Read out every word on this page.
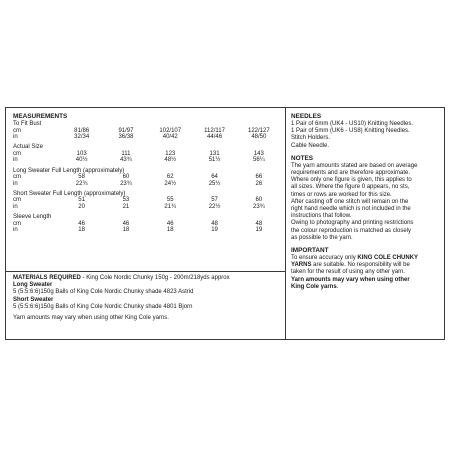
MEASUREMENTS
To Fit Bust					
cm	81/86	91/97	102/107	112/117	122/127
in	32/34	36/38	40/42	44/46	48/50
Actual Size					
cm	103	111	123	131	143
in	40½	43¾	48½	51½	56¼
Long Sweater Full Length (approximately)					
cm	58	60	62	64	66
in	22¾	23¾	24½	25½	26
Short Sweater Full Length (approximately)					
cm	51	53	55	57	60
in	20	21	21¾	22½	23¾
Sleeve Length					
cm	46	46	46	48	48
in	18	18	18	19	19
MATERIALS REQUIRED - King Cole Nordic Chunky 150g - 200m/218yds approx
Long Sweater
5 (5:5:6:6)150g Balls of King Cole Nordic Chunky shade 4823 Astrid
Short Sweater
5 (5:5:6:6)150g Balls of King Cole Nordic Chunky shade 4801 Bjorn
Yarn amounts may vary when using other King Cole yarns.
NEEDLES
1 Pair of 6mm (UK4 - US10) Knitting Needles.
1 Pair of 5mm (UK6 - US8) Knitting Needles.
Stitch Holders.
Cable Needle.
NOTES
The yarn amounts stated are based on average
requirements and are therefore approximate.
Where only one figure is given, this applies to
all sizes. Where the figure 0 appears, no sts,
times or rows are worked for this size.
After casting off one stitch will remain on the
right hand needle which is not included in the
instructions that follow.
Owing to photography and printing restrictions
the colour reproduction is matched as closely
as possible to the yarn.
IMPORTANT
To ensure accuracy only KING COLE CHUNKY
YARNS are suitable. No responsibility will be
taken for the result of using any other yarn.
Yarn amounts may vary when using other
King Cole yarns.
